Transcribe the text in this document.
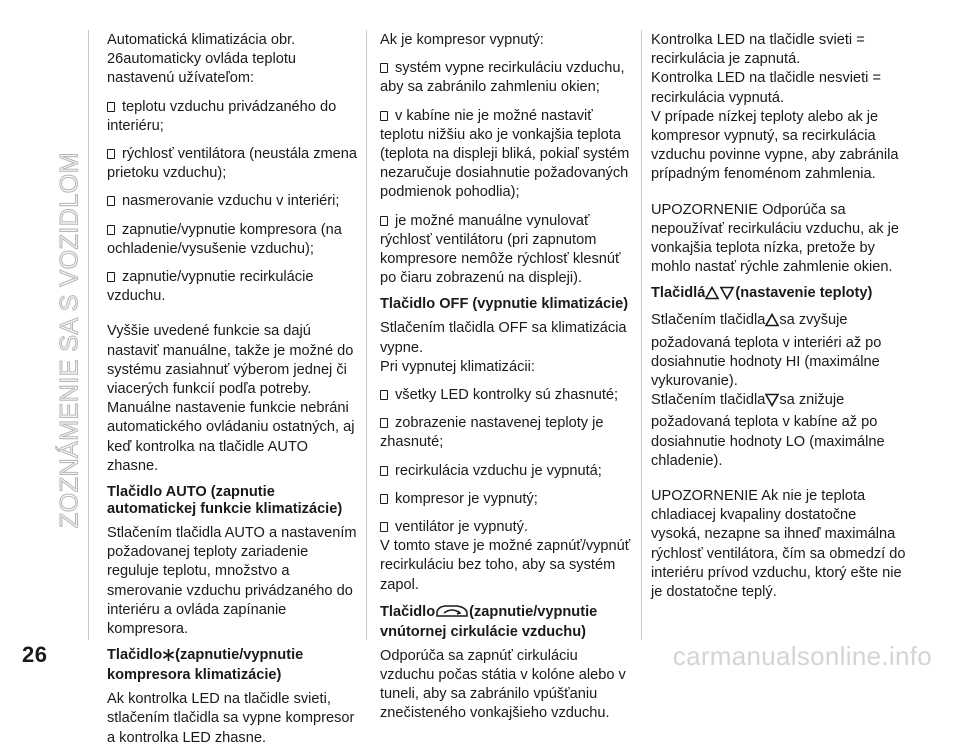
ZOZNÁMENIE SA S VOZIDLOM

Automatická klimatizácia obr. 26automaticky ovláda teplotu nastavenú užívateľom:

teplotu vzduchu privádzaného do interiéru;

rýchlosť ventilátora (neustála zmena prietoku vzduchu);

nasmerovanie vzduchu v interiéri;

zapnutie/vypnutie kompresora (na ochladenie/vysušenie vzduchu);

zapnutie/vypnutie recirkulácie vzduchu.

Vyššie uvedené funkcie sa dajú nastaviť manuálne, takže je možné do systému zasiahnuť výberom jednej či viacerých funkcií podľa potreby.

Manuálne nastavenie funkcie nebráni automatického ovládaniu ostatných, aj keď kontrolka na tlačidle AUTO zhasne.

Tlačidlo AUTO (zapnutie automatickej funkcie klimatizácie)

Stlačením tlačidla AUTO a nastavením požadovanej teploty zariadenie reguluje teplotu, množstvo a smerovanie vzduchu privádzaného do interiéru a ovláda zapínanie kompresora.

Tlačidlo (zapnutie/vypnutie kompresora klimatizácie)

Ak kontrolka LED na tlačidle svieti, stlačením tlačidla sa vypne kompresor a kontrolka LED zhasne.

Ak je kompresor vypnutý:

systém vypne recirkuláciu vzduchu, aby sa zabránilo zahmleniu okien;

v kabíne nie je možné nastaviť teplotu nižšiu ako je vonkajšia teplota (teplota na displeji bliká, pokiaľ systém nezaručuje dosiahnutie požadovaných podmienok pohodlia);

je možné manuálne vynulovať rýchlosť ventilátoru (pri zapnutom kompresore nemôže rýchlosť klesnúť po čiaru zobrazenú na displeji).

Tlačidlo OFF (vypnutie klimatizácie)

Stlačením tlačidla OFF sa klimatizácia vypne.

Pri vypnutej klimatizácii:

všetky LED kontrolky sú zhasnuté;

zobrazenie nastavenej teploty je zhasnuté;

recirkulácia vzduchu je vypnutá;

kompresor je vypnutý;

ventilátor je vypnutý.

V tomto stave je možné zapnúť/vypnúť recirkuláciu bez toho, aby sa systém zapol.

Tlačidlo (zapnutie/vypnutie vnútornej cirkulácie vzduchu)

Odporúča sa zapnúť cirkuláciu vzduchu počas státia v kolóne alebo v tuneli, aby sa zabránilo vpúšťaniu znečisteného vonkajšieho vzduchu.

Kontrolka LED na tlačidle svieti = recirkulácia je zapnutá.

Kontrolka LED na tlačidle nesvieti = recirkulácia vypnutá.

V prípade nízkej teploty alebo ak je kompresor vypnutý, sa recirkulácia vzduchu povinne vypne, aby zabránila prípadným fenoménom zahmlenia.

UPOZORNENIE Odporúča sa nepoužívať recirkuláciu vzduchu, ak je vonkajšia teplota nízka, pretože by mohlo nastať rýchle zahmlenie okien.

Tlačidlá (nastavenie teploty)

Stlačením tlačidla sa zvyšuje požadovaná teplota v interiéri až po dosiahnutie hodnoty HI (maximálne vykurovanie).

Stlačením tlačidla sa znižuje požadovaná teplota v kabíne až po dosiahnutie hodnoty LO (maximálne chladenie).

UPOZORNENIE Ak nie je teplota chladiacej kvapaliny dostatočne vysoká, nezapne sa ihneď maximálna rýchlosť ventilátora, čím sa obmedzí do interiéru prívod vzduchu, ktorý ešte nie je dostatočne teplý.

26	carmanualsonline.info
